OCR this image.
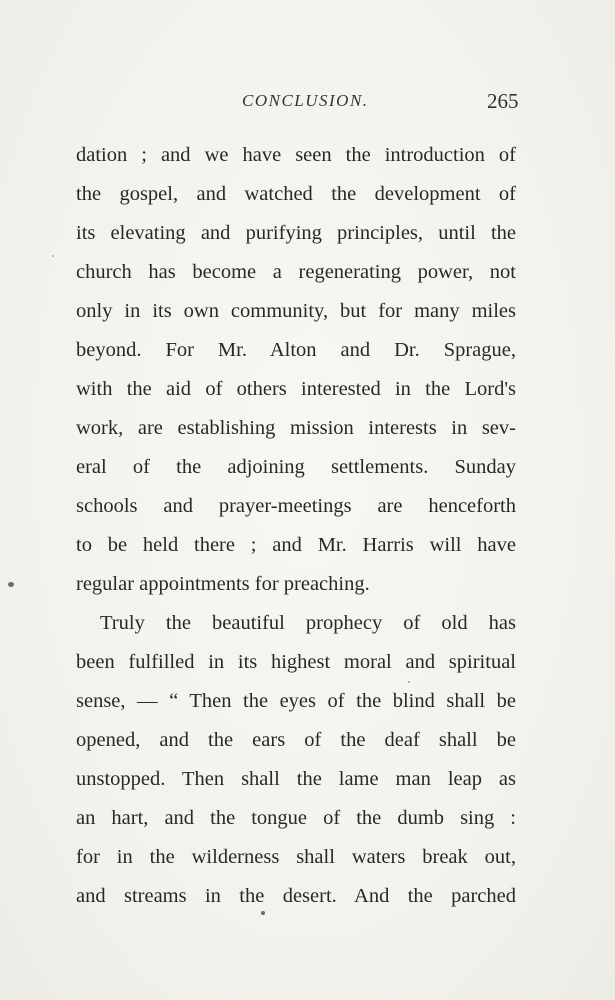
CONCLUSION.	265
dation ; and we have seen the introduction of
the gospel, and watched the development of
its elevating and purifying principles, until the
church has become a regenerating power, not
only in its own community, but for many miles
beyond. For Mr. Alton and Dr. Sprague,
with the aid of others interested in the Lord's
work, are establishing mission interests in sev-
eral of the adjoining settlements. Sunday
schools and prayer-meetings are henceforth
to be held there ; and Mr. Harris will have
regular appointments for preaching.
Truly the beautiful prophecy of old has
been fulfilled in its highest moral and spiritual
sense, — “ Then the eyes of the blind shall be
opened, and the ears of the deaf shall be
unstopped. Then shall the lame man leap as
an hart, and the tongue of the dumb sing :
for in the wilderness shall waters break out,
and streams in the desert. And the parched
